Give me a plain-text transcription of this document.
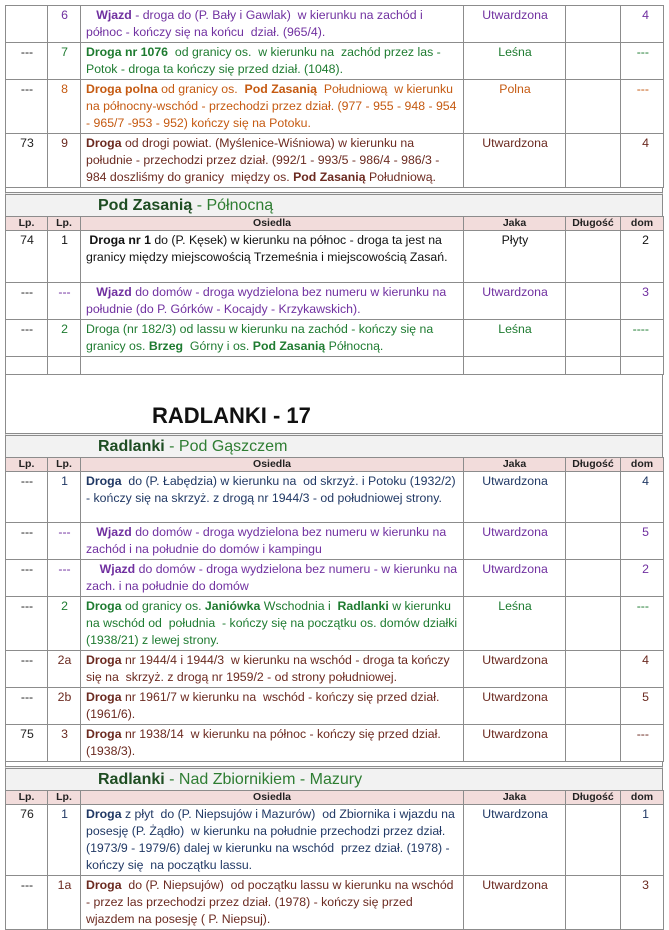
	6	Wjazd - droga do (P. Bały i Gawlak)  w kierunku na zachód i północ - kończy się na końcu  dział. (965/4).	Utwardzona		4
---	7	Droga nr 1076  od granicy os.  w kierunku na  zachód przez las - Potok - droga ta kończy się przed dział. (1048).	Leśna		---
---	8	Droga polna od granicy os.  Pod Zasanią  Południową  w kierunku na północny-wschód - przechodzi przez dział. (977 - 955 - 948 - 954 - 965/7 -953 - 952) kończy się na Potoku.	Polna		---
73	9	Droga od drogi powiat. (Myślenice-Wiśniowa) w kierunku na południe - przechodzi przez dział. (992/1 - 993/5 - 986/4 - 986/3 - 984 doszliśmy do granicy  między os. Pod Zasanią Południową.	Utwardzona		4
Pod Zasanią - Północną
Lp.	Lp.	Osiedla	Jaka	Długość	dom
74	1	Droga nr 1 do (P. Kęsek) w kierunku na północ - droga ta jest na granicy między miejscowością Trzemeśnia i miejscowością Zasań.	Płyty		2
---	---	Wjazd do domów - droga wydzielona bez numeru w kierunku na południe (do P. Górków - Kocajdy - Krzykawskich).	Utwardzona		3
---	2	Droga (nr 182/3) od lassu w kierunku na zachód - kończy się na granicy os. Brzeg  Górny i os. Pod Zasanią Północną.	Leśna		----

RADLANKI - 17
Radlanki - Pod Gąszczem
Lp.	Lp.	Osiedla	Jaka	Długość	dom
---	1	Droga  do (P. Łabędzia) w kierunku na  od skrzyż. i Potoku (1932/2) - kończy się na skrzyż. z drogą nr 1944/3 - od południowej strony.	Utwardzona		4
---	---	Wjazd do domów - droga wydzielona bez numeru w kierunku na zachód i na południe do domów i kampingu	Utwardzona		5
---	---	Wjazd do domów - droga wydzielona bez numeru - w kierunku na zach. i na południe do domów	Utwardzona		2
---	2	Droga od granicy os. Janiówka Wschodnia i  Radlanki w kierunku na wschód od  południa  - kończy się na początku os. domów działki (1938/21) z lewej strony.	Leśna		---
---	2a	Droga nr 1944/4 i 1944/3  w kierunku na wschód - droga ta kończy się na  skrzyż. z drogą nr 1959/2 - od strony południowej.	Utwardzona		4
---	2b	Droga nr 1961/7 w kierunku na  wschód - kończy się przed dział. (1961/6).	Utwardzona		5
75	3	Droga nr 1938/14  w kierunku na północ - kończy się przed dział. (1938/3).	Utwardzona		---
Radlanki - Nad Zbiornikiem - Mazury
Lp.	Lp.	Osiedla	Jaka	Długość	dom
76	1	Droga z płyt  do (P. Niepsujów i Mazurów)  od Zbiornika i wjazdu na posesję (P. Żądło)  w kierunku na południe przechodzi przez dział. (1973/9 - 1979/6) dalej w kierunku na wschód  przez dział. (1978) - kończy się  na początku lassu.	Utwardzona		1
---	1a	Droga  do (P. Niepsujów)  od początku lassu w kierunku na wschód - przez las przechodzi przez dział. (1978) - kończy się przed wjazdem na posesję ( P. Niepsuj).	Utwardzona		3
